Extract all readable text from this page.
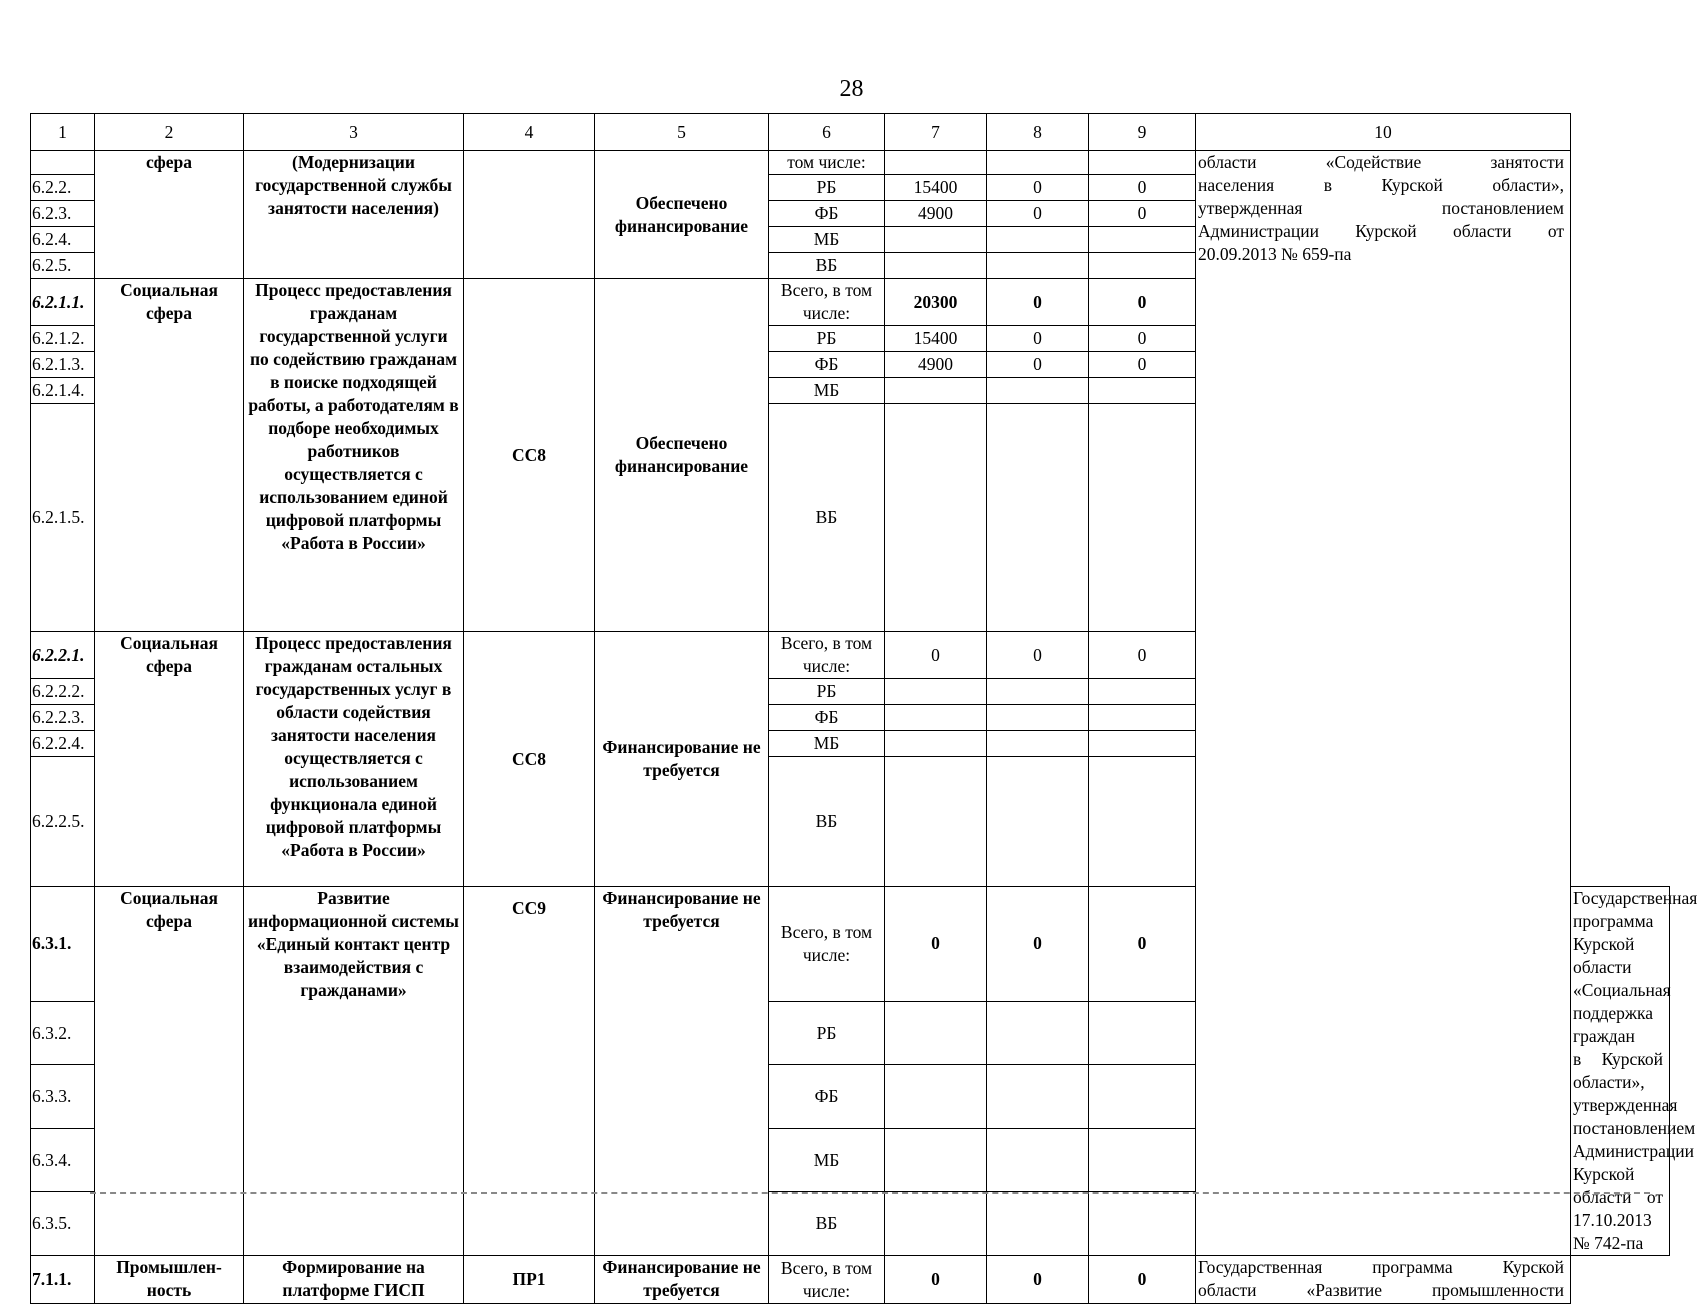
28
1	2	3	4	5	6	7	8	9	10	
	сфера	(Модернизации государственной службы занятости населения)		Обеспечено финансирование	том числе:				области «Содействие занятости
населения в Курской области»,
утвержденная постановлением
Администрации Курской области от
20.09.2013 № 659-па	

6.2.2.					РБ	15400	0	0		
6.2.3.					ФБ	4900	0	0		
6.2.4.					МБ					
6.2.5.					ВБ					
6.2.1.1.	Социальная сфера	Процесс предоставления гражданам государственной услуги по содействию гражданам в поиске подходящей работы, а работодателям в подборе необходимых работников осуществляется с использованием единой цифровой платформы «Работа в России»	СС8	Обеспечено финансирование	Всего, в том числе:	20300	0	0		
6.2.1.2.					РБ	15400	0	0		
6.2.1.3.					ФБ	4900	0	0		
6.2.1.4.					МБ					
6.2.1.5.					ВБ					
6.2.2.1.	Социальная сфера	Процесс предоставления гражданам остальных государственных услуг в области содействия занятости населения осуществляется с использованием функционала единой цифровой платформы «Работа в России»	СС8	Финансирование не требуется	Всего, в том числе:	0	0	0		
6.2.2.2.					РБ					
6.2.2.3.					ФБ					
6.2.2.4.					МБ					
6.2.2.5.					ВБ					
6.3.1.	Социальная сфера	Развитие информационной системы «Единый контакт центр взаимодействия с гражданами»	СС9	Финансирование не требуется	Всего, в том числе:	0	0	0		Государственная программа Курской
области «Социальная поддержка граждан
в Курской области», утвержденная
постановлением Администрации Курской
области от 17.10.2013 № 742-па

6.3.2.					РБ					
6.3.3.					ФБ					
6.3.4.					МБ					
6.3.5.					ВБ					
7.1.1.	Промышлен-ность	Формирование на платформе ГИСП	ПР1	Финансирование не требуется	Всего, в том числе:	0	0	0	Государственная программа Курской
области «Развитие промышленности	
